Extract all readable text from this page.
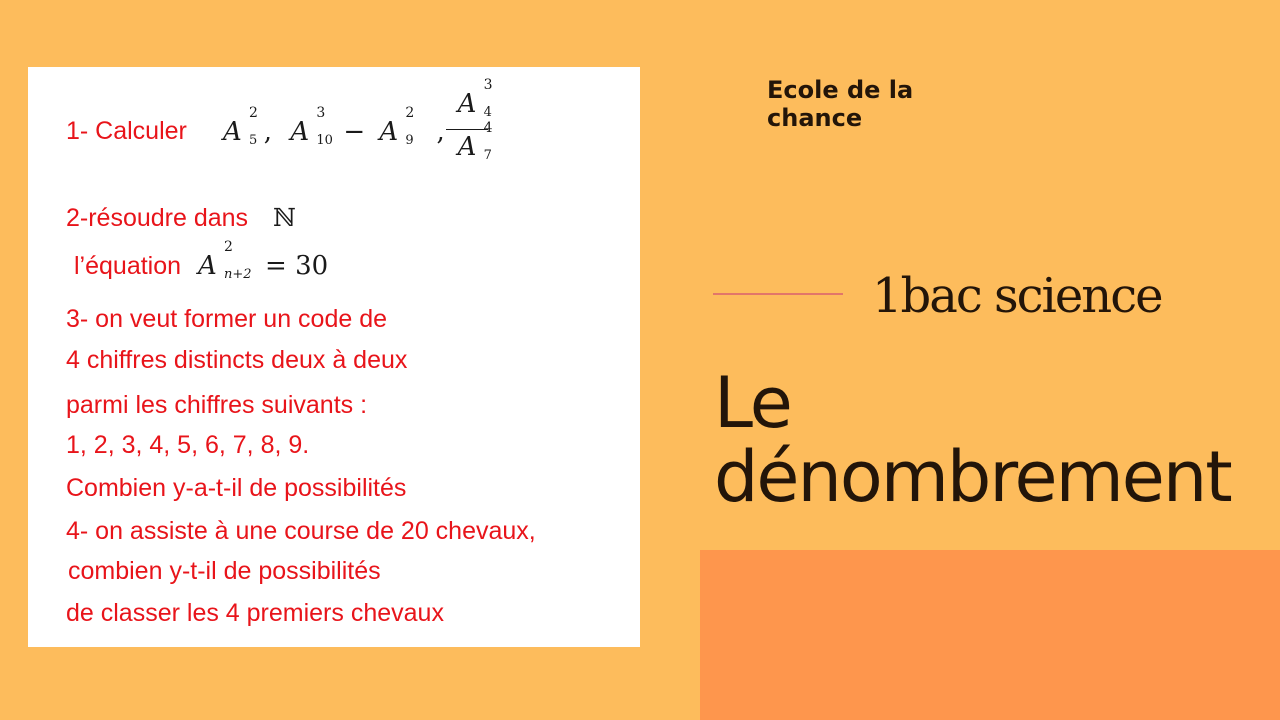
1- Calculer A
2
5 , A
3
10 − A
2
9 ,
A
3
4
A
4
7
2-résoudre dans ℕ
l’équation A
2
n+2 = 30
3- on veut former un code de
4 chiffres distincts deux à deux
parmi les chiffres suivants :
1, 2, 3, 4, 5, 6, 7, 8, 9.
Combien y-a-t-il de possibilités
4- on assiste à une course de 20 chevaux,
combien y-t-il de possibilités
de classer les 4 premiers chevaux
Ecole de la chance
1bac science
Le
dénombrement
